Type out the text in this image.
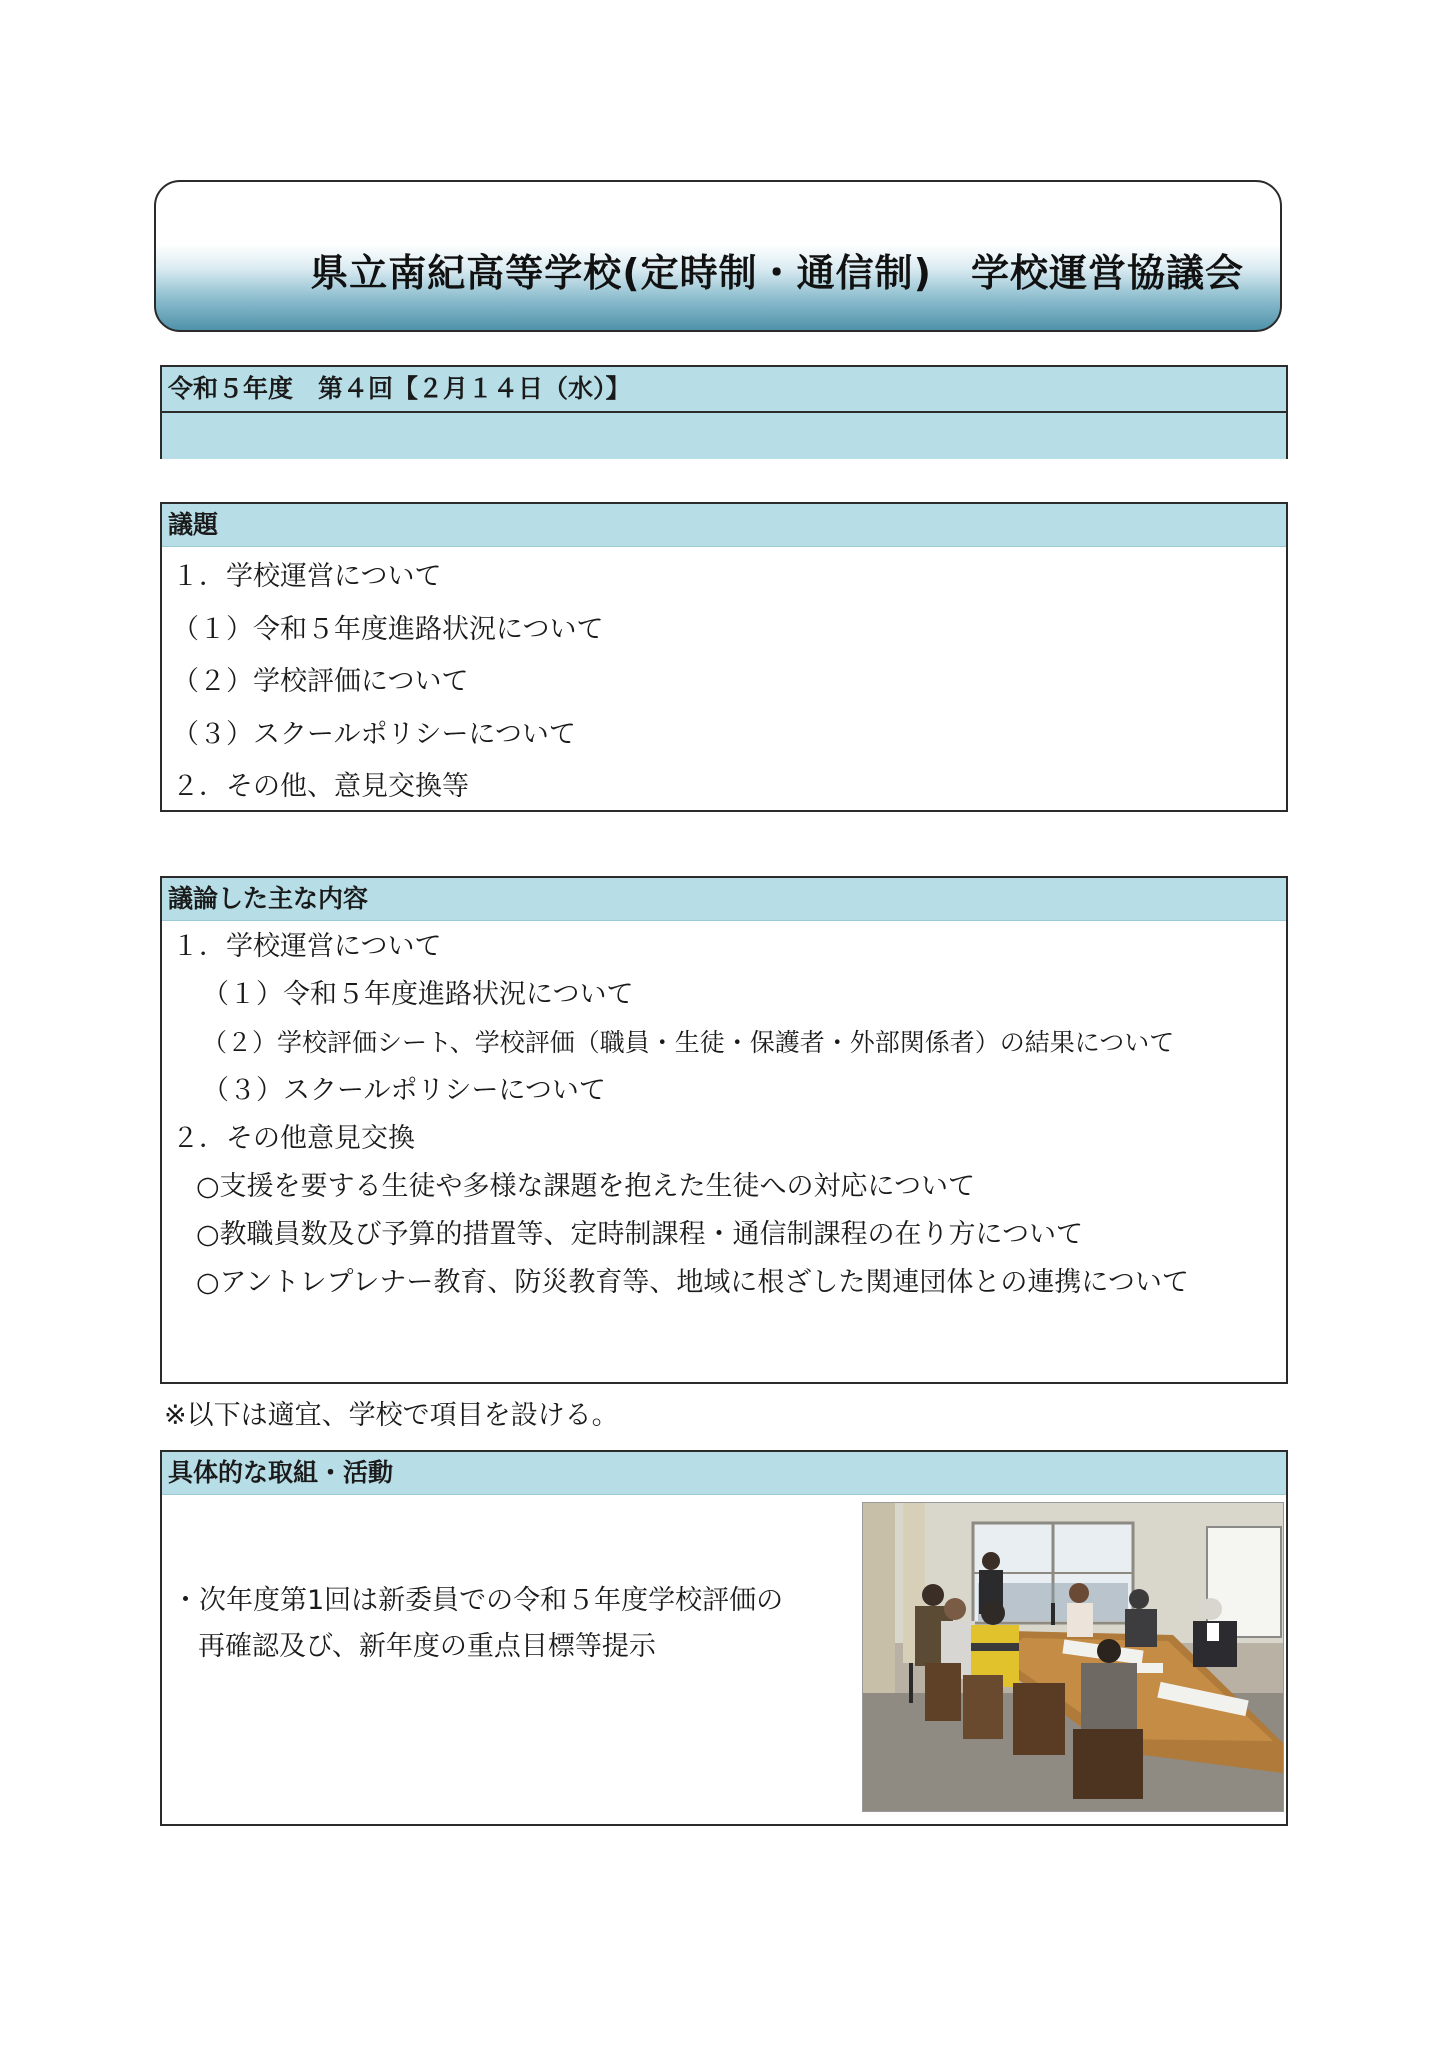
県立南紀高等学校(定時制・通信制)　学校運営協議会
令和５年度　第４回【２月１４日（水）】
議題
１．学校運営について
（１）令和５年度進路状況について
（２）学校評価について
（３）スクールポリシーについて
２．その他、意見交換等
議論した主な内容
１．学校運営について
（１）令和５年度進路状況について
（２）学校評価シート、学校評価（職員・生徒・保護者・外部関係者）の結果について
（３）スクールポリシーについて
２．その他意見交換
○支援を要する生徒や多様な課題を抱えた生徒への対応について
○教職員数及び予算的措置等、定時制課程・通信制課程の在り方について
○アントレプレナー教育、防災教育等、地域に根ざした関連団体との連携について
※以下は適宜、学校で項目を設ける。
具体的な取組・活動
・次年度第1回は新委員での令和５年度学校評価の
再確認及び、新年度の重点目標等提示
